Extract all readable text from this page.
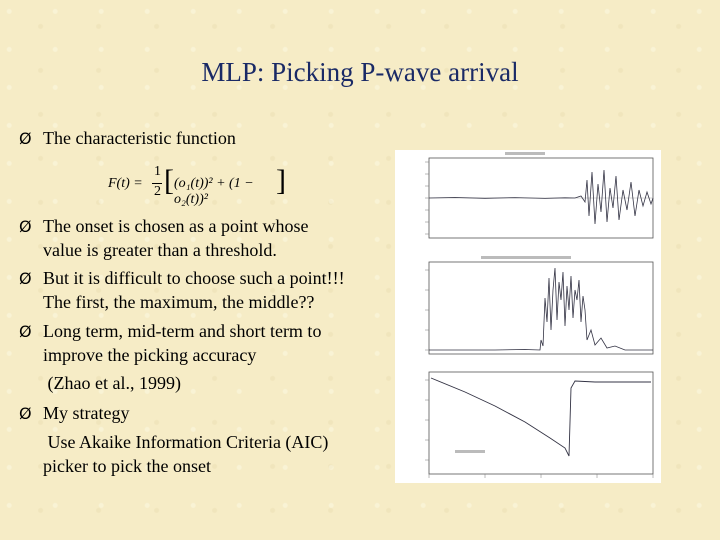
MLP: Picking P-wave arrival
Ø The characteristic function
F(t) =
1
2 [ (o₁(t))² + (1 − o₂(t))²
]
Ø The onset is chosen as a point whose
value is greater than a threshold.
Ø But it is difficult to choose such a point!!!
The first, the maximum, the middle??
Ø Long term, mid-term and short term to
improve the picking accuracy
(Zhao et al., 1999)
Ø My strategy
Use Akaike Information Criteria (AIC)
picker to pick the onset
